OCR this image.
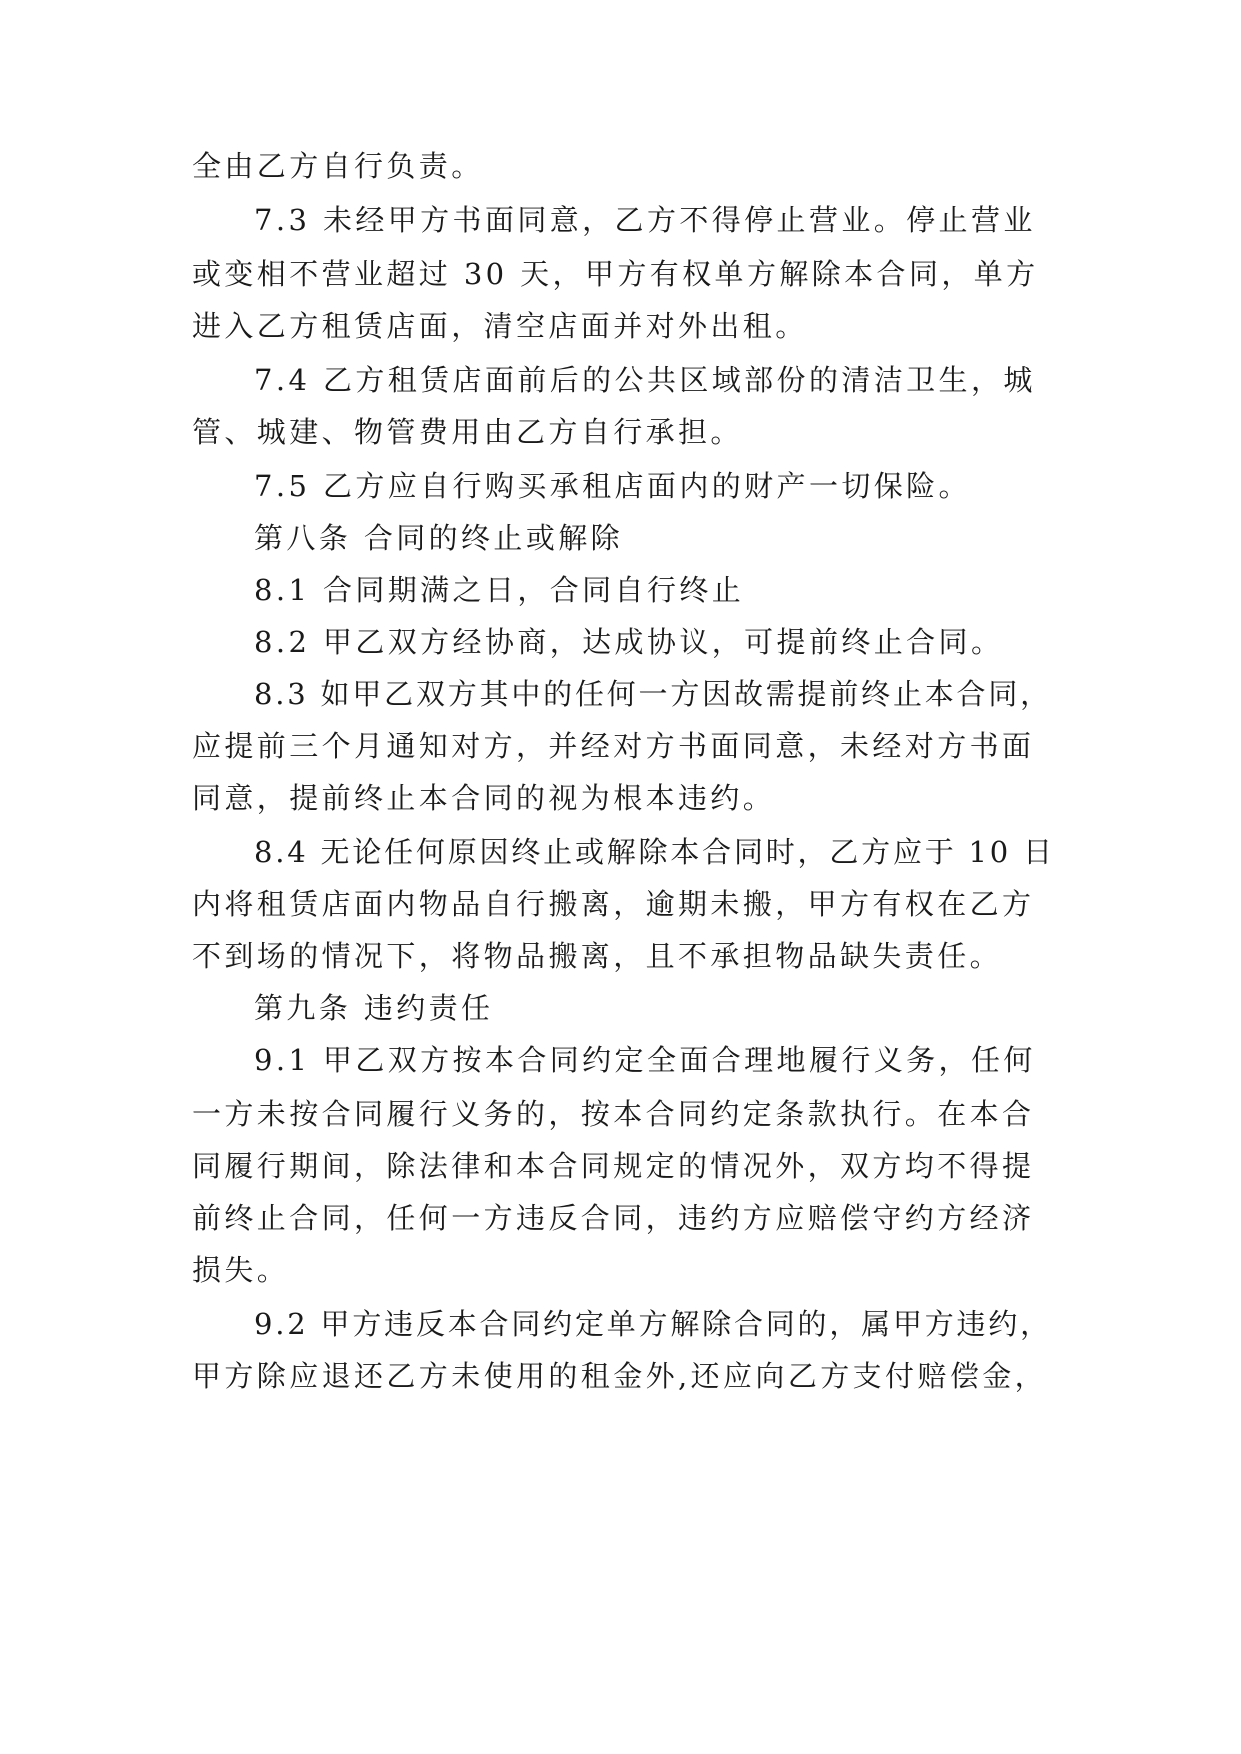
全由乙方自行负责。
7.3 未经甲方书面同意，乙方不得停止营业。停止营业
或变相不营业超过 30 天，甲方有权单方解除本合同，单方
进入乙方租赁店面，清空店面并对外出租。
7.4 乙方租赁店面前后的公共区域部份的清洁卫生，城
管、城建、物管费用由乙方自行承担。
7.5 乙方应自行购买承租店面内的财产一切保险。
第八条 合同的终止或解除
8.1 合同期满之日，合同自行终止
8.2 甲乙双方经协商，达成协议，可提前终止合同。
8.3 如甲乙双方其中的任何一方因故需提前终止本合同，
应提前三个月通知对方，并经对方书面同意，未经对方书面
同意，提前终止本合同的视为根本违约。
8.4 无论任何原因终止或解除本合同时，乙方应于 10 日
内将租赁店面内物品自行搬离，逾期未搬，甲方有权在乙方
不到场的情况下，将物品搬离，且不承担物品缺失责任。
第九条 违约责任
9.1 甲乙双方按本合同约定全面合理地履行义务，任何
一方未按合同履行义务的，按本合同约定条款执行。在本合
同履行期间，除法律和本合同规定的情况外，双方均不得提
前终止合同，任何一方违反合同，违约方应赔偿守约方经济
损失。
9.2 甲方违反本合同约定单方解除合同的，属甲方违约，
甲方除应退还乙方未使用的租金外,还应向乙方支付赔偿金，
